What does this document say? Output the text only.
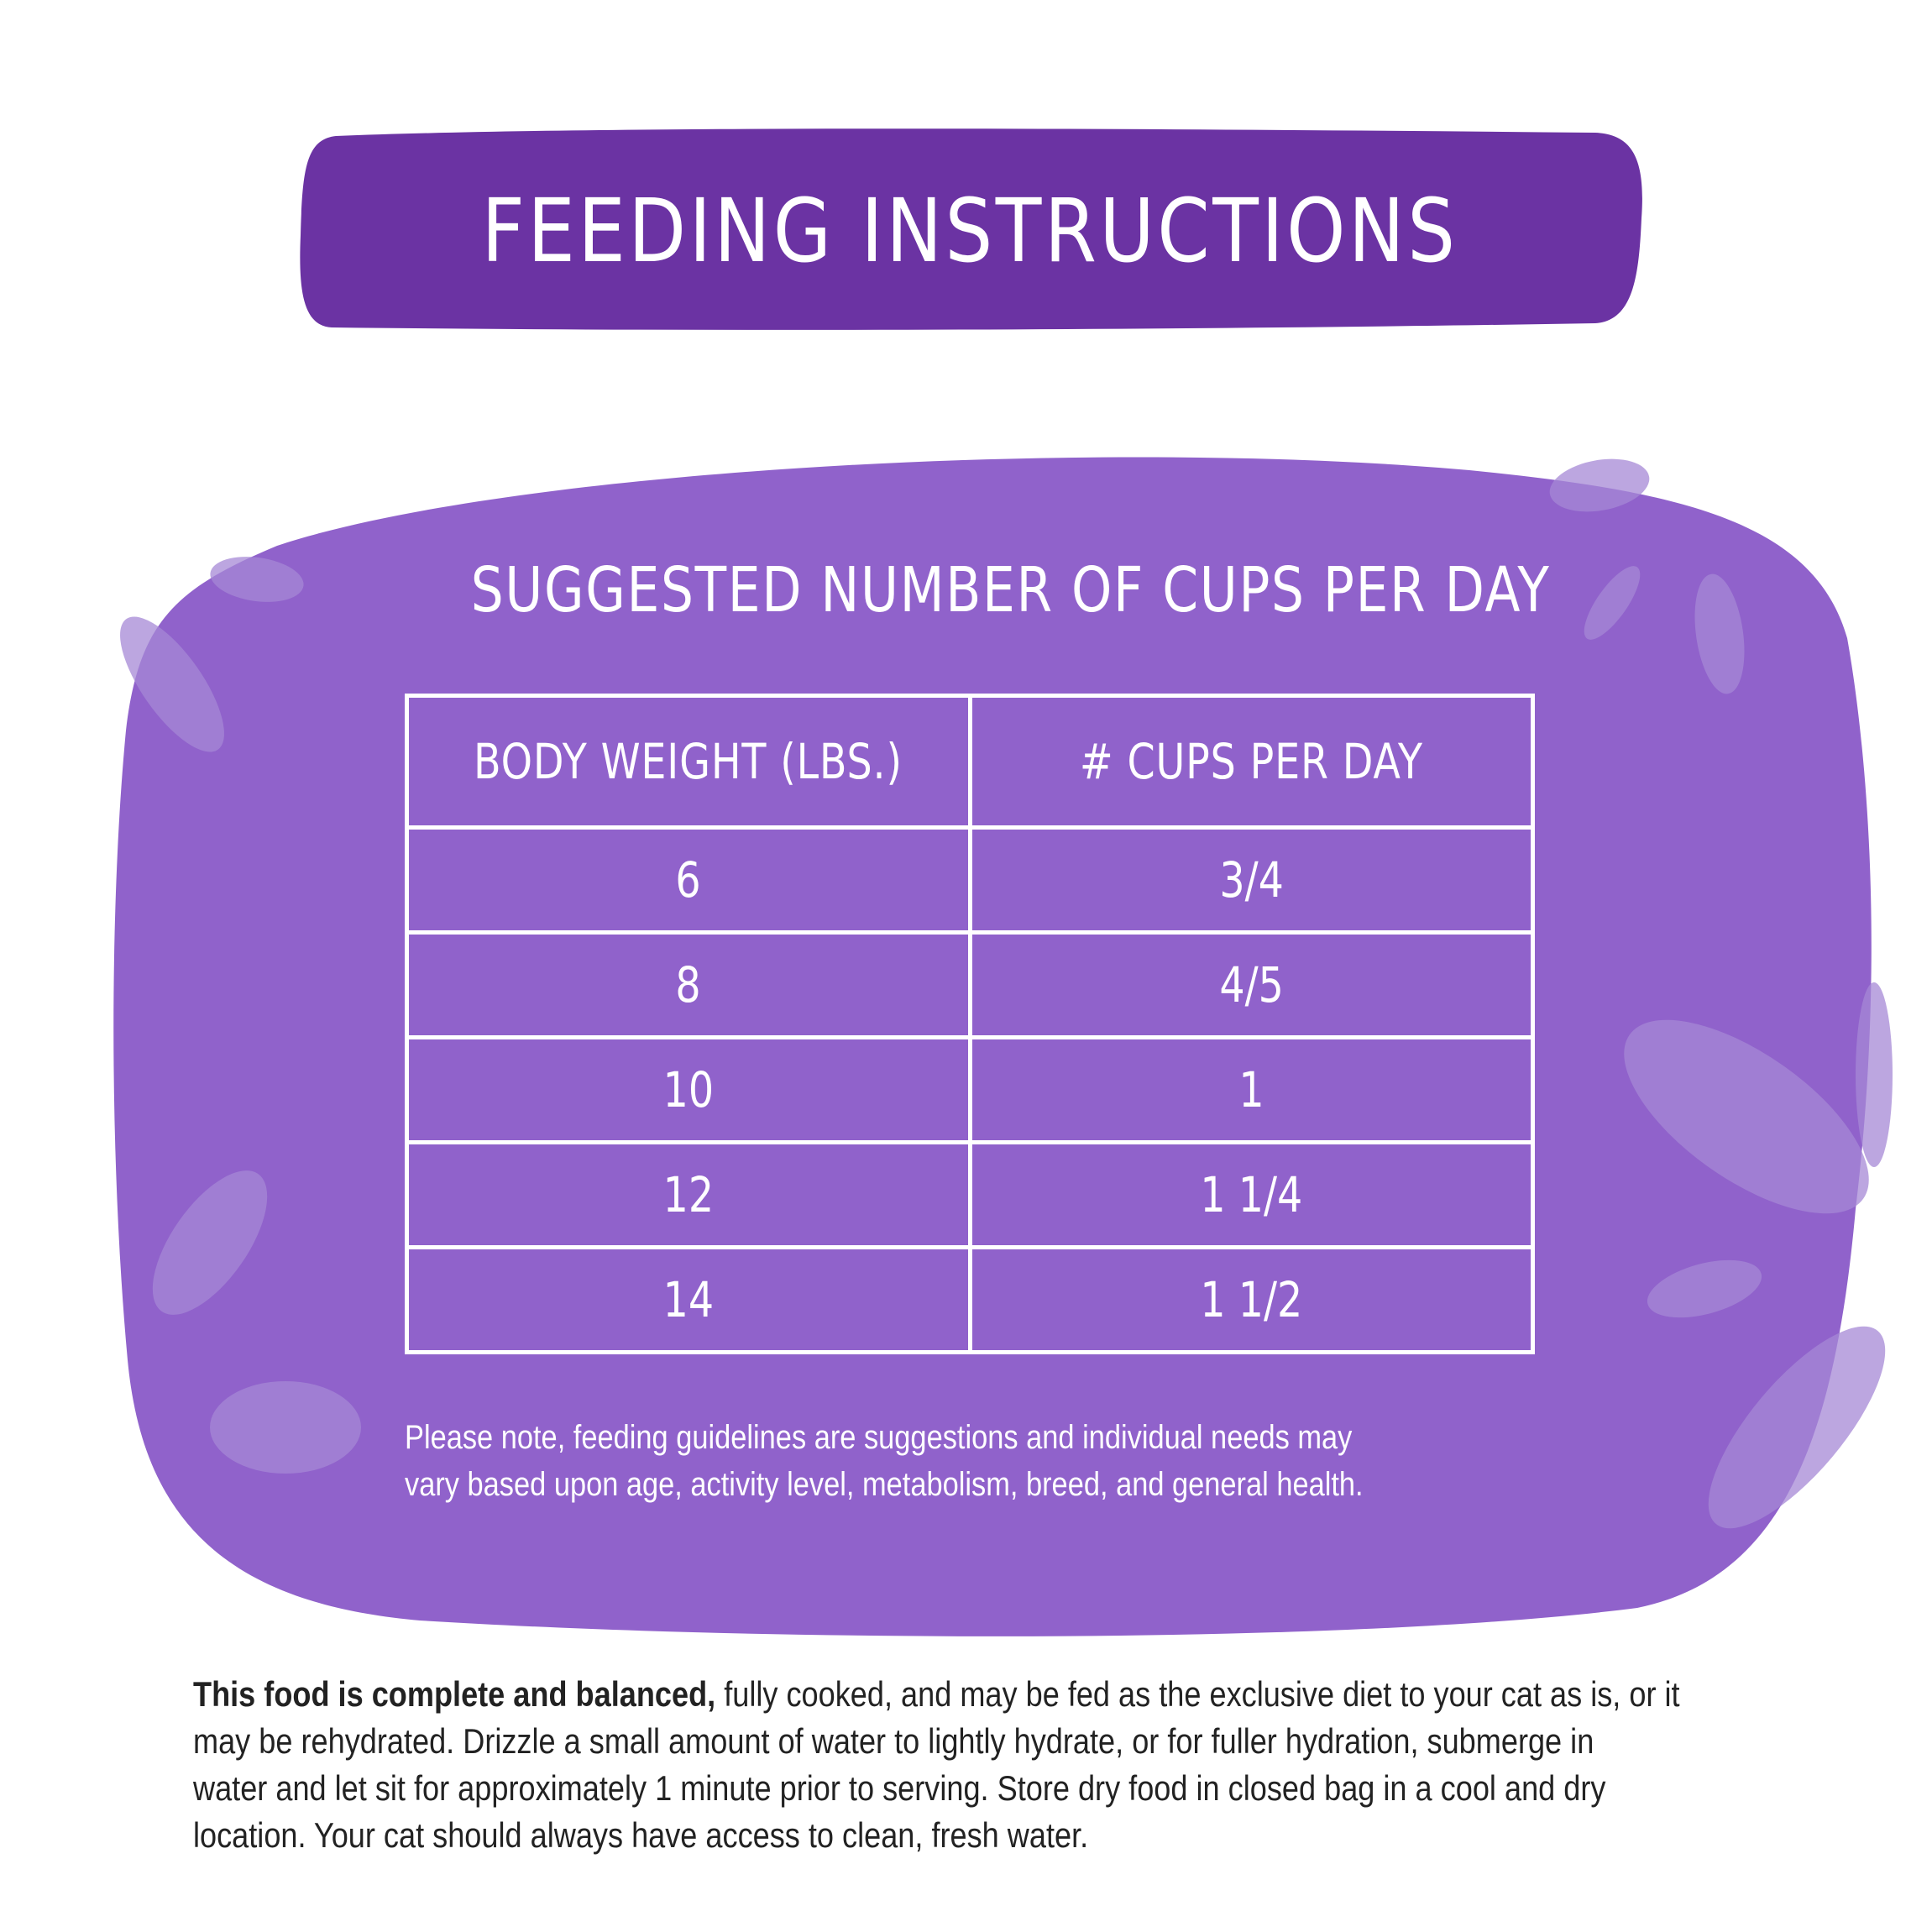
FEEDING INSTRUCTIONS
SUGGESTED NUMBER OF CUPS PER DAY
BODY WEIGHT (LBS.)	# CUPS PER DAY
6	3/4
8	4/5
10	1
12	1 1/4
14	1 1/2

Please note, feeding guidelines are suggestions and individual needs may

vary based upon age, activity level, metabolism, breed, and general health.

This food is complete and balanced, fully cooked, and may be fed as the exclusive diet to your cat as is, or it

may be rehydrated. Drizzle a small amount of water to lightly hydrate, or for fuller hydration, submerge in

water and let sit for approximately 1 minute prior to serving. Store dry food in closed bag in a cool and dry

location. Your cat should always have access to clean, fresh water.
